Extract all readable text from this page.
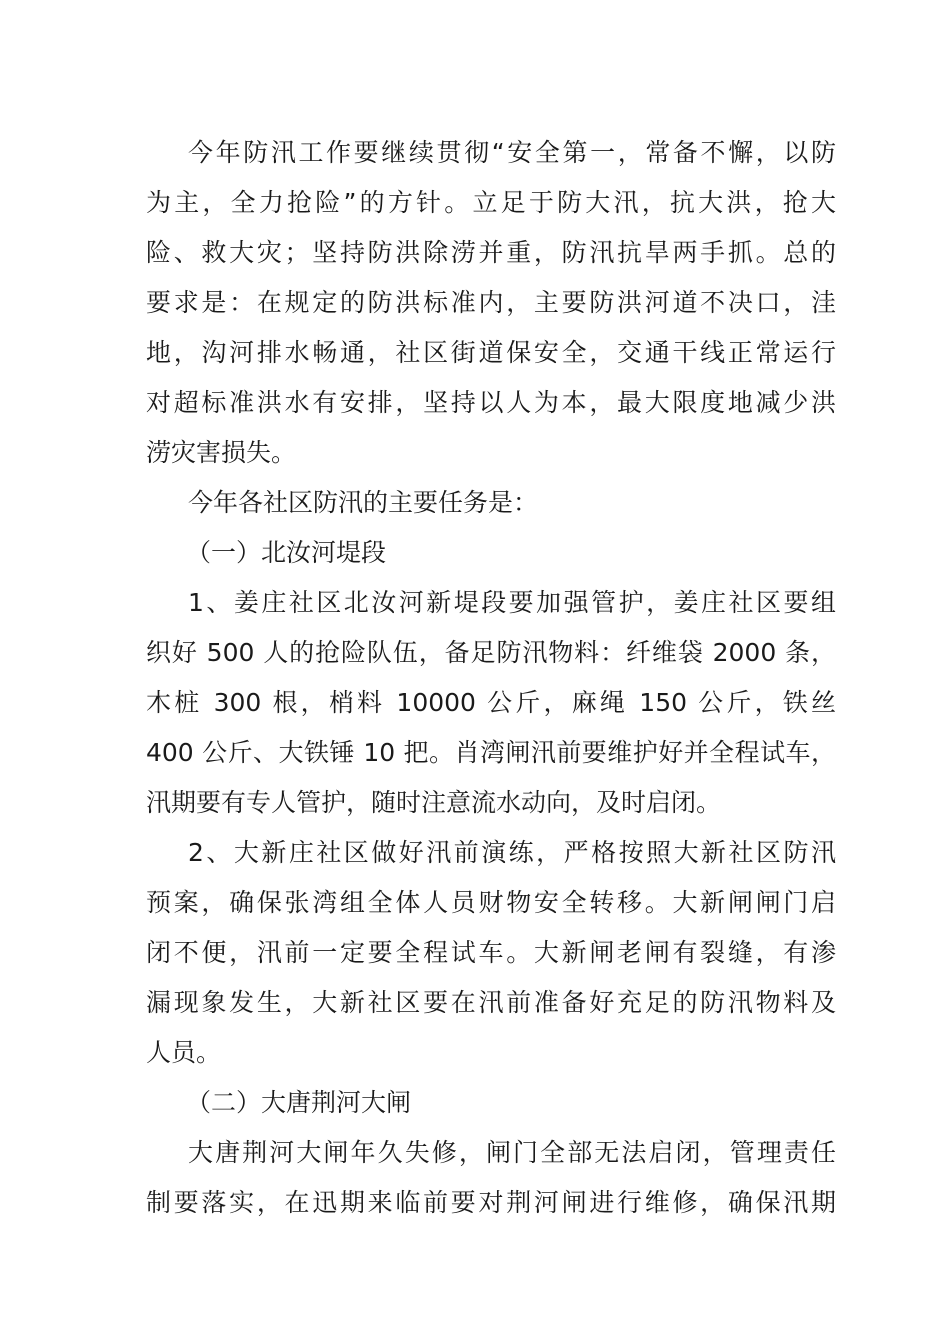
今年防汛工作要继续贯彻“安全第一，常备不懈，以防
为主，全力抢险”的方针。立足于防大汛，抗大洪，抢大
险、救大灾；坚持防洪除涝并重，防汛抗旱两手抓。总的
要求是：在规定的防洪标准内，主要防洪河道不决口，洼
地，沟河排水畅通，社区街道保安全，交通干线正常运行
对超标准洪水有安排，坚持以人为本，最大限度地减少洪
涝灾害损失。
今年各社区防汛的主要任务是：
（一）北汝河堤段
1、姜庄社区北汝河新堤段要加强管护，姜庄社区要组
织好 500 人的抢险队伍，备足防汛物料：纤维袋 2000 条，
木桩 300 根，梢料 10000 公斤，麻绳 150 公斤，铁丝
400 公斤、大铁锤 10 把。肖湾闸汛前要维护好并全程试车，
汛期要有专人管护，随时注意流水动向，及时启闭。
2、大新庄社区做好汛前演练，严格按照大新社区防汛
预案，确保张湾组全体人员财物安全转移。大新闸闸门启
闭不便，汛前一定要全程试车。大新闸老闸有裂缝，有渗
漏现象发生，大新社区要在汛前准备好充足的防汛物料及
人员。
（二）大唐荆河大闸
大唐荆河大闸年久失修，闸门全部无法启闭，管理责任
制要落实，在迅期来临前要对荆河闸进行维修，确保汛期
